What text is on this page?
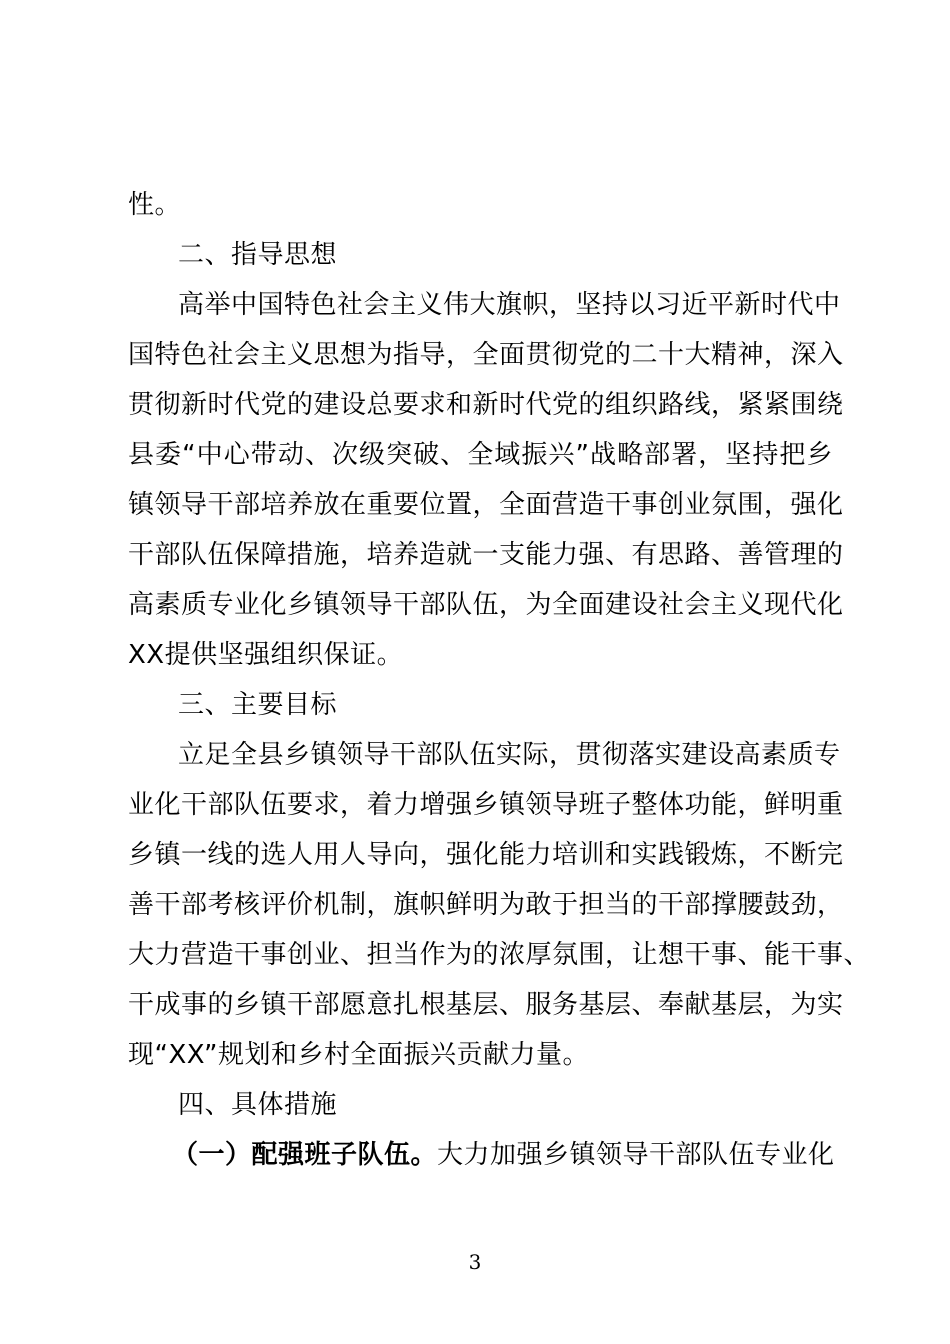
性。
二、指导思想
高举中国特色社会主义伟大旗帜，坚持以习近平新时代中
国特色社会主义思想为指导，全面贯彻党的二十大精神，深入
贯彻新时代党的建设总要求和新时代党的组织路线，紧紧围绕
县委“中心带动、次级突破、全域振兴”战略部署，坚持把乡
镇领导干部培养放在重要位置，全面营造干事创业氛围，强化
干部队伍保障措施，培养造就一支能力强、有思路、善管理的
高素质专业化乡镇领导干部队伍，为全面建设社会主义现代化
XX提供坚强组织保证。
三、主要目标
立足全县乡镇领导干部队伍实际，贯彻落实建设高素质专
业化干部队伍要求，着力增强乡镇领导班子整体功能，鲜明重
乡镇一线的选人用人导向，强化能力培训和实践锻炼，不断完
善干部考核评价机制，旗帜鲜明为敢于担当的干部撑腰鼓劲，
大力营造干事创业、担当作为的浓厚氛围，让想干事、能干事、
干成事的乡镇干部愿意扎根基层、服务基层、奉献基层，为实
现“XX”规划和乡村全面振兴贡献力量。
四、具体措施
（一）配强班子队伍。大力加强乡镇领导干部队伍专业化
3
